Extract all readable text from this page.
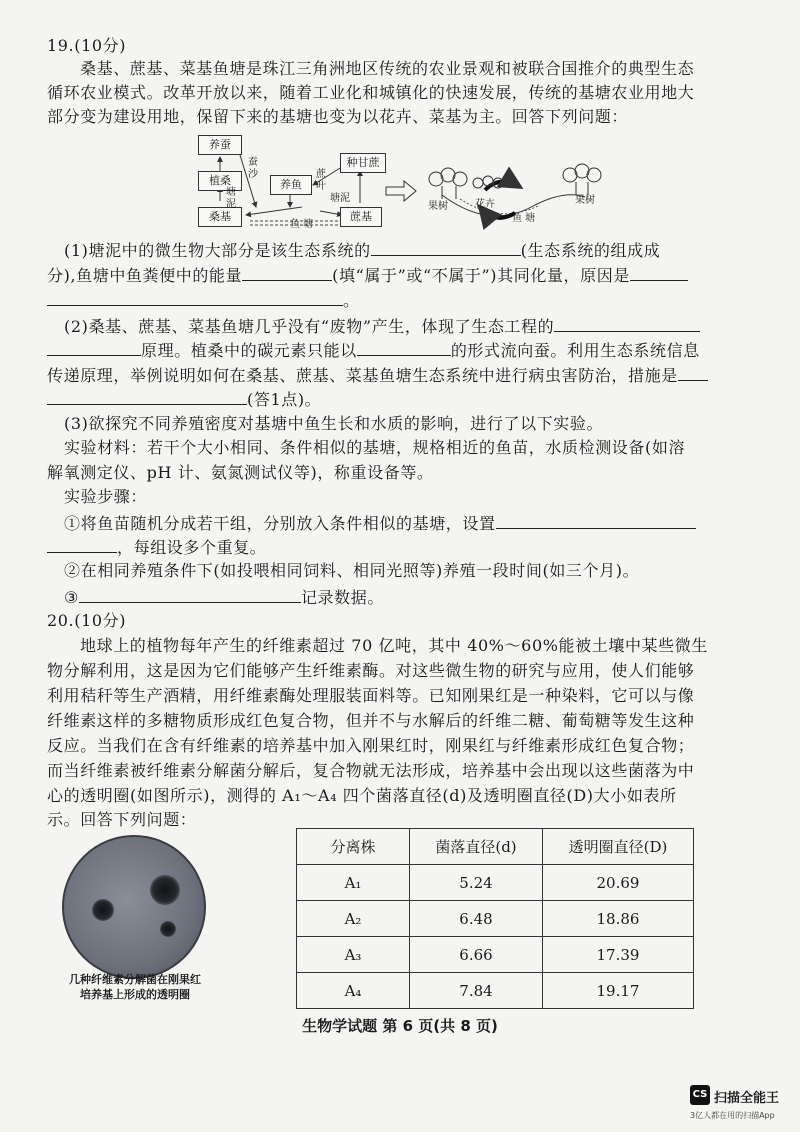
19.(10分)
桑基、蔗基、菜基鱼塘是珠江三角洲地区传统的农业景观和被联合国推介的典型生态
循环农业模式。改革开放以来，随着工业化和城镇化的快速发展，传统的基塘农业用地大
部分变为建设用地，保留下来的基塘也变为以花卉、菜基为主。回答下列问题：
养蚕
植桑
桑基
养鱼
鱼 塘
种甘蔗
蔗基
蚕沙
塘泥
蔗叶
塘泥
果树	花卉
鱼 塘
果树
(1)塘泥中的微生物大部分是该生态系统的	(生态系统的组成成
分),鱼塘中鱼粪便中的能量	(填“属于”或“不属于”)其同化量，原因是
。
(2)桑基、蔗基、菜基鱼塘几乎没有“废物”产生，体现了生态工程的
原理。植桑中的碳元素只能以	的形式流向蚕。利用生态系统信息
传递原理，举例说明如何在桑基、蔗基、菜基鱼塘生态系统中进行病虫害防治，措施是
(答1点)。
(3)欲探究不同养殖密度对基塘中鱼生长和水质的影响，进行了以下实验。
实验材料：若干个大小相同、条件相似的基塘，规格相近的鱼苗，水质检测设备(如溶
解氧测定仪、pH 计、氨氮测试仪等)，称重设备等。
实验步骤：
①将鱼苗随机分成若干组，分别放入条件相似的基塘，设置
，每组设多个重复。
②在相同养殖条件下(如投喂相同饲料、相同光照等)养殖一段时间(如三个月)。
③	记录数据。
20.(10分)
地球上的植物每年产生的纤维素超过 70 亿吨，其中 40%～60%能被土壤中某些微生
物分解利用，这是因为它们能够产生纤维素酶。对这些微生物的研究与应用，使人们能够
利用秸秆等生产酒精，用纤维素酶处理服装面料等。已知刚果红是一种染料，它可以与像
纤维素这样的多糖物质形成红色复合物，但并不与水解后的纤维二糖、葡萄糖等发生这种
反应。当我们在含有纤维素的培养基中加入刚果红时，刚果红与纤维素形成红色复合物；
而当纤维素被纤维素分解菌分解后，复合物就无法形成，培养基中会出现以这些菌落为中
心的透明圈(如图所示)，测得的 A₁～A₄ 四个菌落直径(d)及透明圈直径(D)大小如表所
示。回答下列问题：
几种纤维素分解菌在刚果红
培养基上形成的透明圈
分离株	菌落直径(d)	透明圈直径(D)
A₁	5.24	20.69
A₂	6.48	18.86
A₃	6.66	17.39
A₄	7.84	19.17
生物学试题 第 6 页(共 8 页)
CS 扫描全能王
3亿人都在用的扫描App
